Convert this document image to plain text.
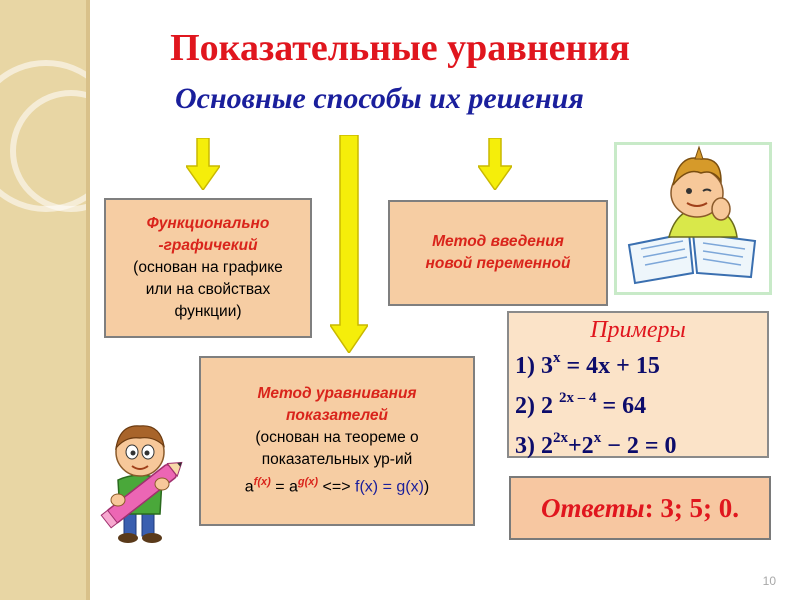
Показательные уравнения
Основные способы их решения
Функционально -графичекий
(основан на графике
или на свойствах
функции)
Метод введения
новой переменной
Метод уравнивания
показателей
(основан на теореме о
показательных ур-ий
$a^{f(x)} = a^{g(x)}$ <=> f(x) = g(x))
Примеры
1) $3^x = 4x + 15$
2) 2 $^{2x - 4}$ = 64
3) $2^{2x}+2^x - 2 = 0$
Ответы : 3; 5; 0.
10
